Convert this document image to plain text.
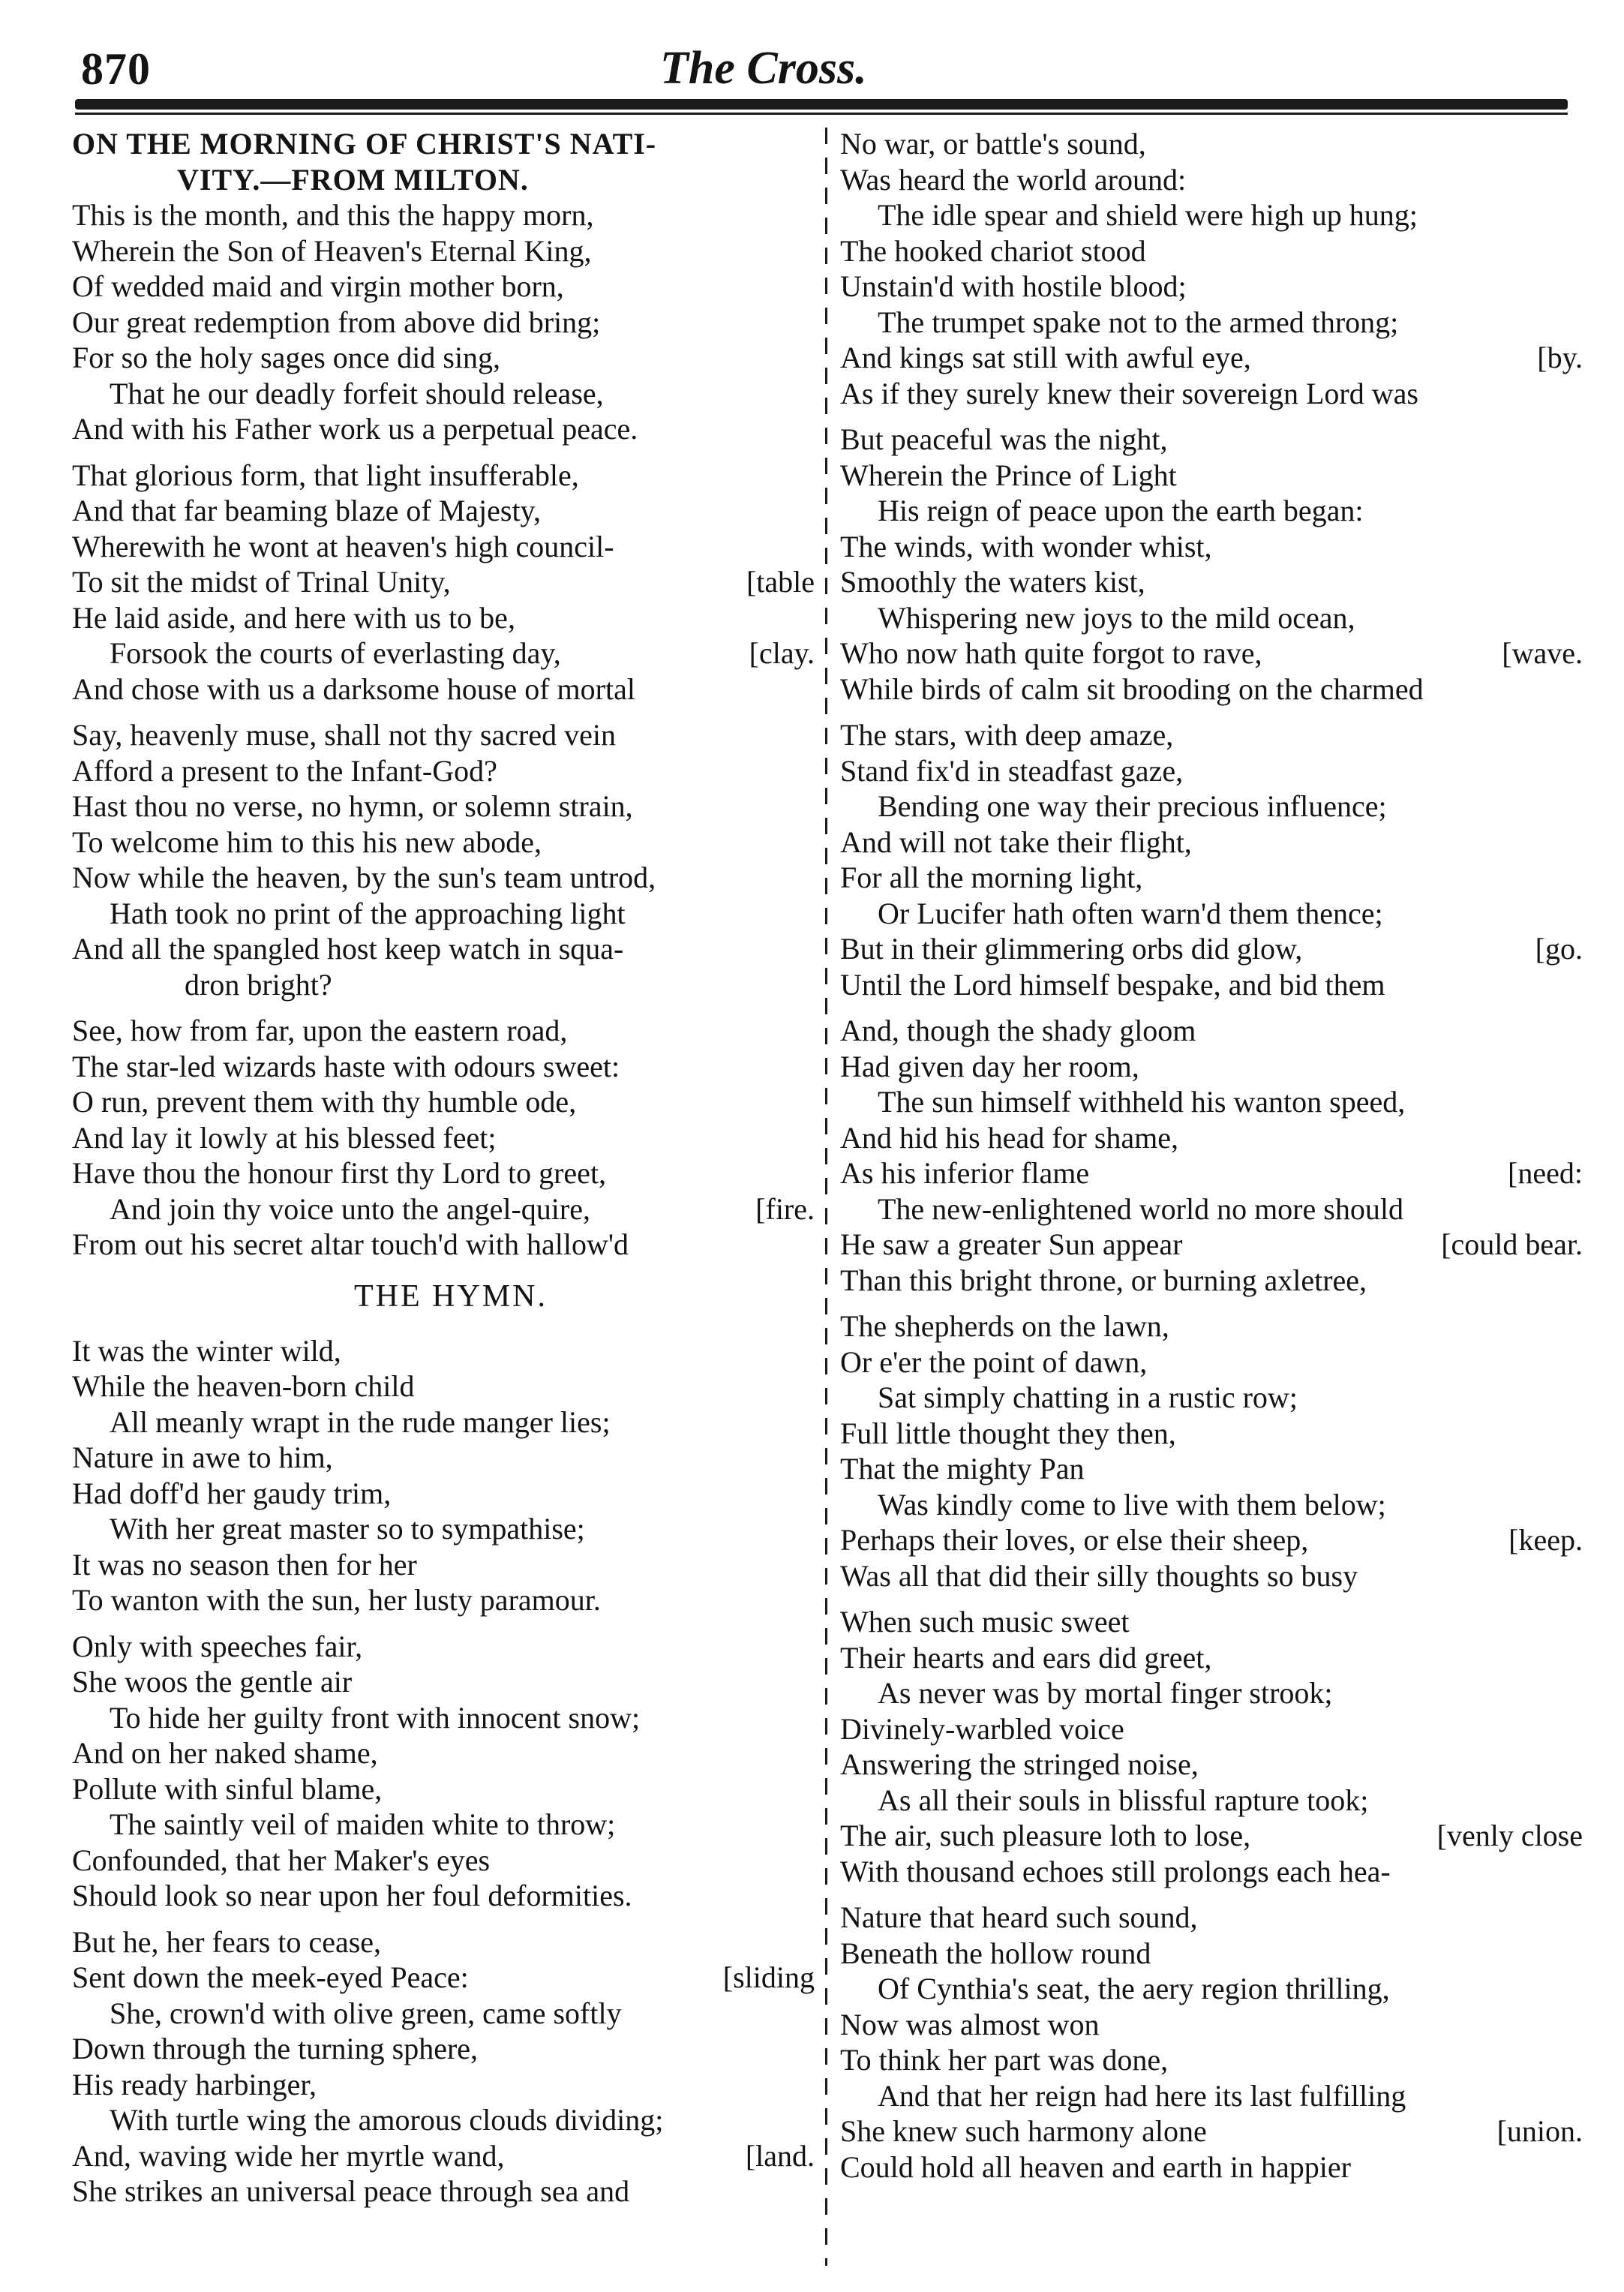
870	The Cross.
ON THE MORNING OF CHRIST'S NATI-
VITY.—FROM MILTON.
This is the month, and this the happy morn,
Wherein the Son of Heaven's Eternal King,
Of wedded maid and virgin mother born,
Our great redemption from above did bring;
For so the holy sages once did sing,
That he our deadly forfeit should release,
And with his Father work us a perpetual peace.
That glorious form, that light insufferable,
And that far beaming blaze of Majesty,
Wherewith he wont at heaven's high council-
To sit the midst of Trinal Unity,	[table
He laid aside, and here with us to be,
Forsook the courts of everlasting day,	[clay.
And chose with us a darksome house of mortal
Say, heavenly muse, shall not thy sacred vein
Afford a present to the Infant-God?
Hast thou no verse, no hymn, or solemn strain,
To welcome him to this his new abode,
Now while the heaven, by the sun's team untrod,
Hath took no print of the approaching light
And all the spangled host keep watch in squa-
dron bright?
See, how from far, upon the eastern road,
The star-led wizards haste with odours sweet:
O run, prevent them with thy humble ode,
And lay it lowly at his blessed feet;
Have thou the honour first thy Lord to greet,
And join thy voice unto the angel-quire,	[fire.
From out his secret altar touch'd with hallow'd
THE HYMN.
It was the winter wild,
While the heaven-born child
All meanly wrapt in the rude manger lies;
Nature in awe to him,
Had doff'd her gaudy trim,
With her great master so to sympathise;
It was no season then for her
To wanton with the sun, her lusty paramour.
Only with speeches fair,
She woos the gentle air
To hide her guilty front with innocent snow;
And on her naked shame,
Pollute with sinful blame,
The saintly veil of maiden white to throw;
Confounded, that her Maker's eyes
Should look so near upon her foul deformities.
But he, her fears to cease,
Sent down the meek-eyed Peace:	[sliding
She, crown'd with olive green, came softly
Down through the turning sphere,
His ready harbinger,
With turtle wing the amorous clouds dividing;
And, waving wide her myrtle wand,	[land.
She strikes an universal peace through sea and
No war, or battle's sound,
Was heard the world around:
The idle spear and shield were high up hung;
The hooked chariot stood
Unstain'd with hostile blood;
The trumpet spake not to the armed throng;
And kings sat still with awful eye,	[by.
As if they surely knew their sovereign Lord was
But peaceful was the night,
Wherein the Prince of Light
His reign of peace upon the earth began:
The winds, with wonder whist,
Smoothly the waters kist,
Whispering new joys to the mild ocean,
Who now hath quite forgot to rave,	[wave.
While birds of calm sit brooding on the charmed
The stars, with deep amaze,
Stand fix'd in steadfast gaze,
Bending one way their precious influence;
And will not take their flight,
For all the morning light,
Or Lucifer hath often warn'd them thence;
But in their glimmering orbs did glow,	[go.
Until the Lord himself bespake, and bid them
And, though the shady gloom
Had given day her room,
The sun himself withheld his wanton speed,
And hid his head for shame,
As his inferior flame	[need:
The new-enlightened world no more should
He saw a greater Sun appear	[could bear.
Than this bright throne, or burning axletree,
The shepherds on the lawn,
Or e'er the point of dawn,
Sat simply chatting in a rustic row;
Full little thought they then,
That the mighty Pan
Was kindly come to live with them below;
Perhaps their loves, or else their sheep,	[keep.
Was all that did their silly thoughts so busy
When such music sweet
Their hearts and ears did greet,
As never was by mortal finger strook;
Divinely-warbled voice
Answering the stringed noise,
As all their souls in blissful rapture took;
The air, such pleasure loth to lose,	[venly close
With thousand echoes still prolongs each hea-
Nature that heard such sound,
Beneath the hollow round
Of Cynthia's seat, the aery region thrilling,
Now was almost won
To think her part was done,
And that her reign had here its last fulfilling
She knew such harmony alone	[union.
Could hold all heaven and earth in happier
